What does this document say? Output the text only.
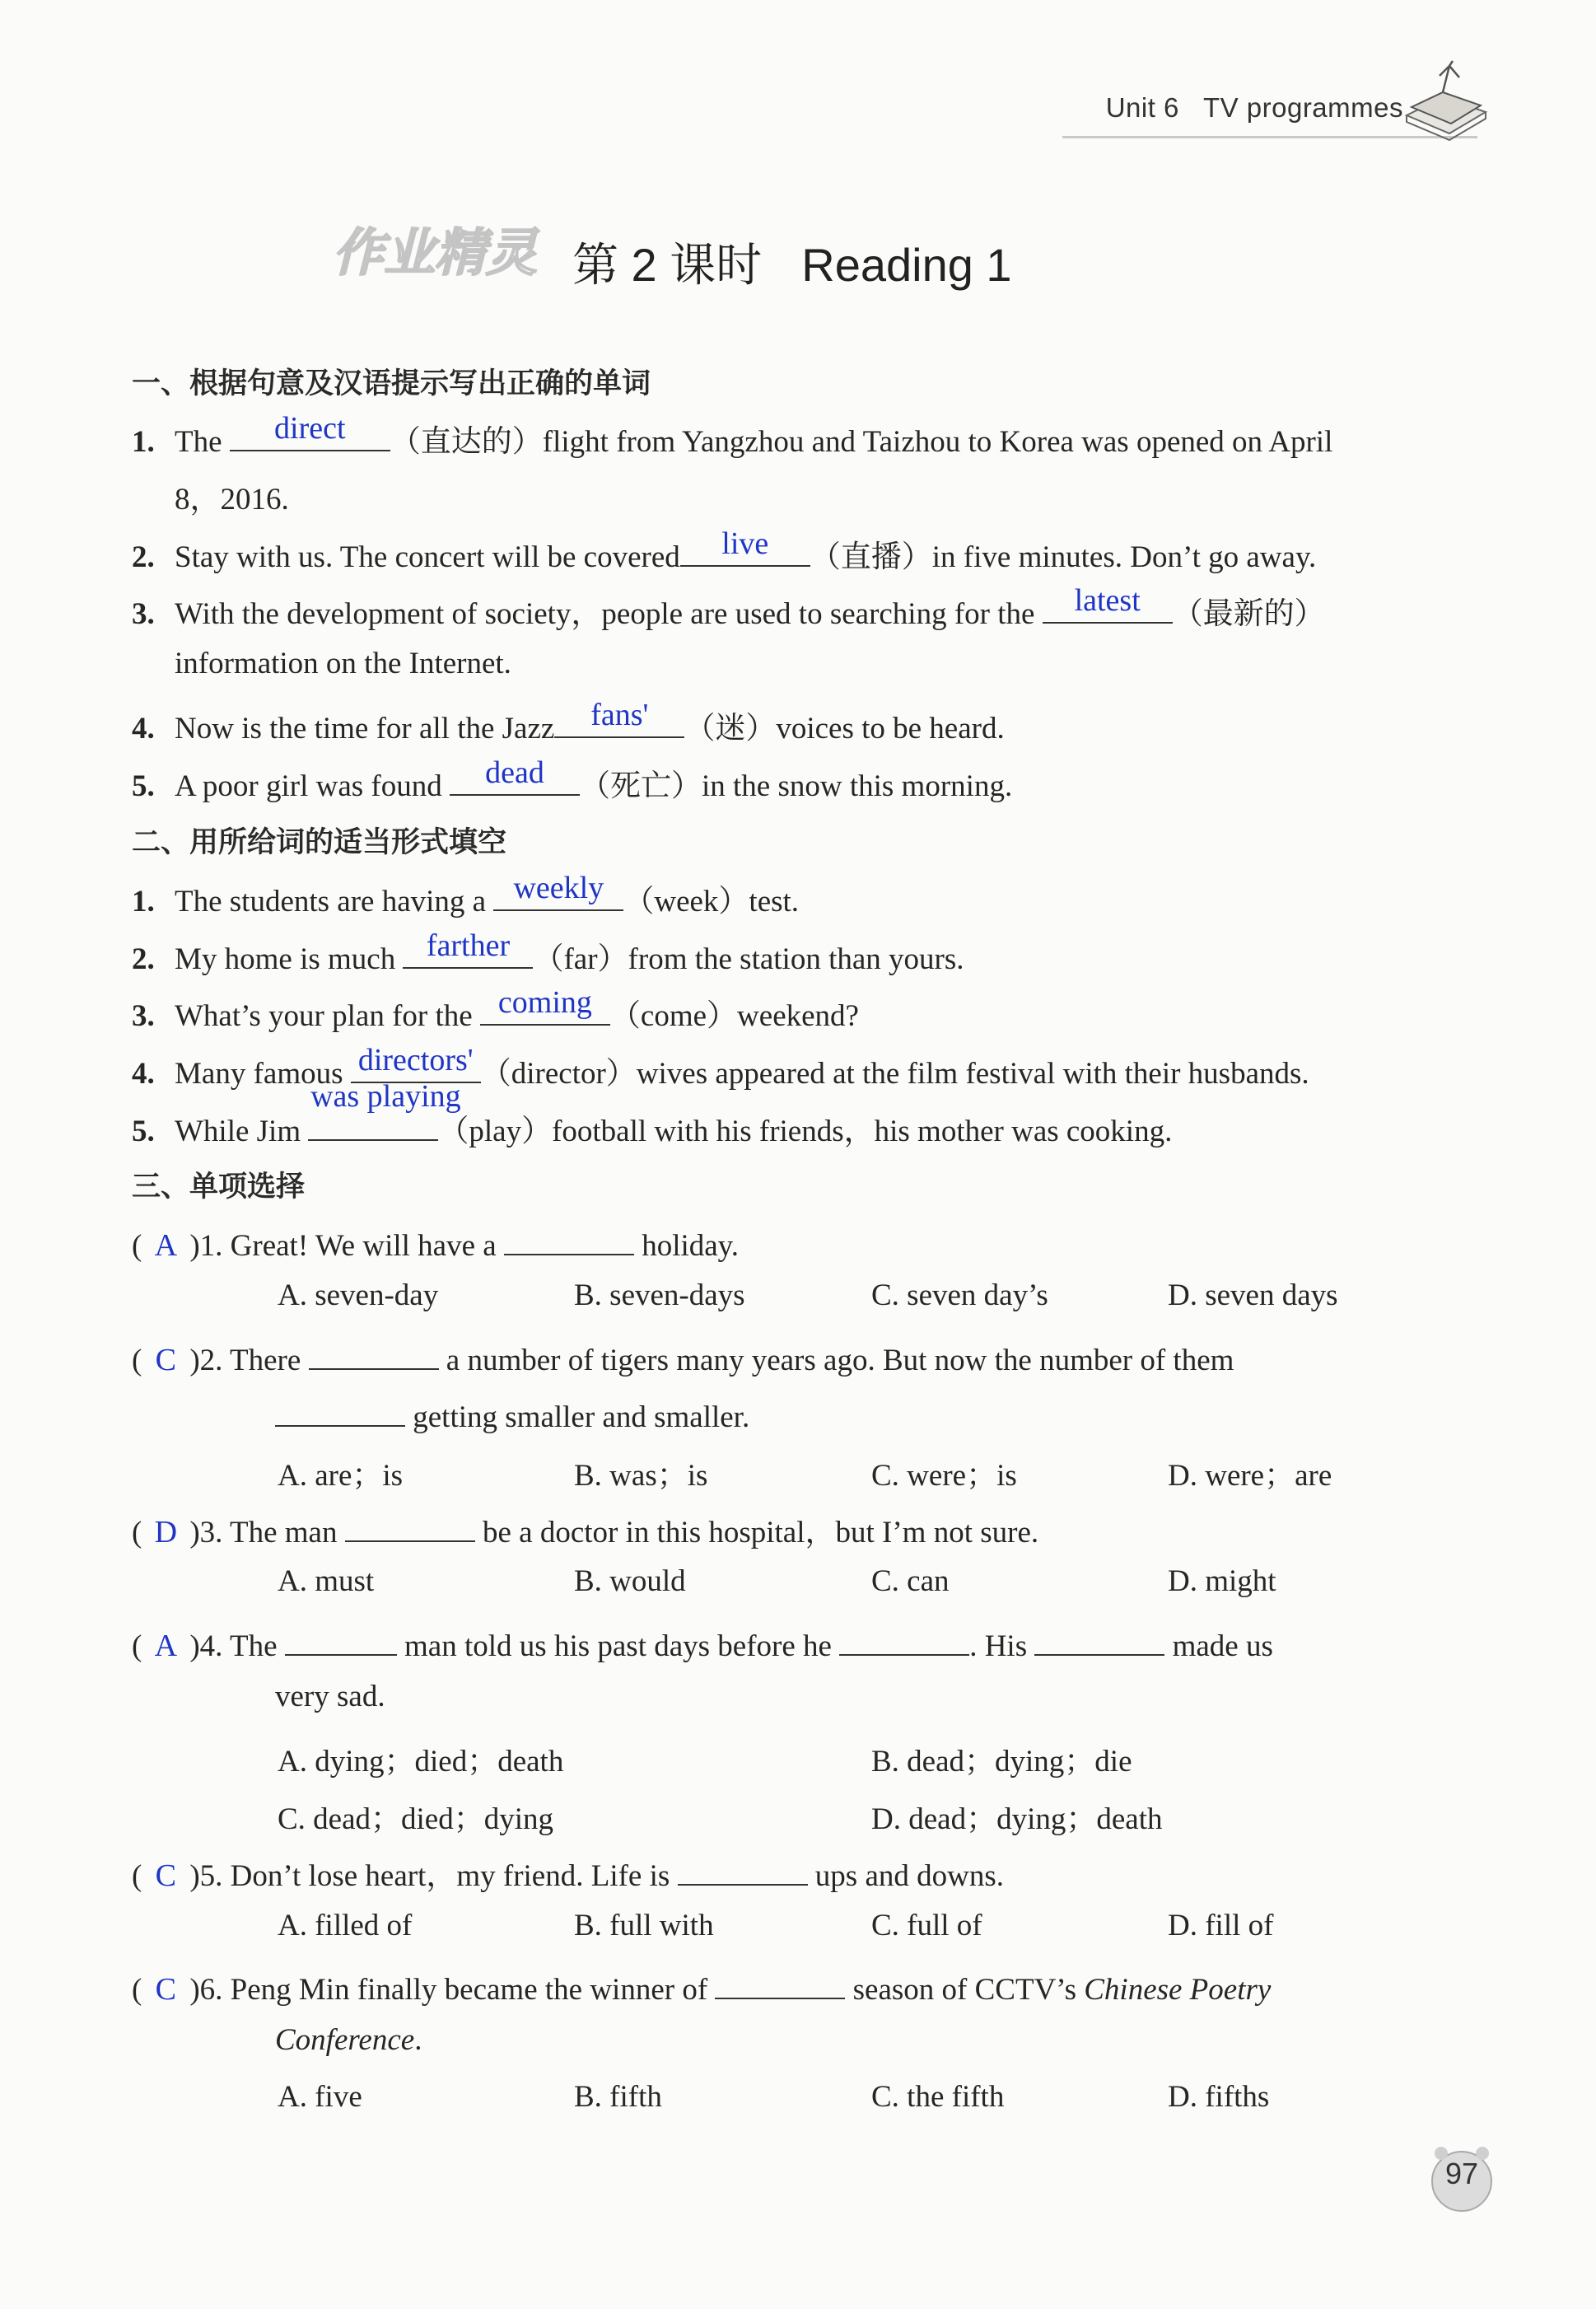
Unit 6 TV programmes
作业精灵 第 2 课时 Reading 1
一、根据句意及汉语提示写出正确的单词
1. The	direct	（直达的）flight from Yangzhou and Taizhou to Korea was opened on April
8，2016.
2. Stay with us. The concert will be covered	live	（直播）in five minutes. Don’t go away.
3. With the development of society，people are used to searching for the	latest	（最新的）
information on the Internet.
4. Now is the time for all the Jazz	fans'	（迷）voices to be heard.
5. A poor girl was found	dead	（死亡）in the snow this morning.
二、用所给词的适当形式填空
1. The students are having a weekly （week）test.
2. My home is much farther （far）from the station than yours.
3. What’s your plan for the coming （come）weekend?
4. Many famous directors' （director）wives appeared at the film festival with their husbands.
5. While Jim
was playing
（play）football with his friends，his mother was cooking.
三、单项选择
( A )1. Great! We will have a	holiday.
A. seven-day	B. seven-days	C. seven day’s	D. seven days
( C )2. There	a number of tigers many years ago. But now the number of them
getting smaller and smaller.
A. are；is	B. was；is	C. were；is	D. were；are
( D )3. The man	be a doctor in this hospital，but I’m not sure.
A. must	B. would	C. can	D. might
( A )4. The	man told us his past days before he	. His	made us
very sad.
A. dying；died；death	B. dead；dying；die
C. dead；died；dying	D. dead；dying；death
( C )5. Don’t lose heart，my friend. Life is	ups and downs.
A. filled of	B. full with	C. full of	D. fill of
( C )6. Peng Min finally became the winner of	season of CCTV’s Chinese Poetry
Conference.
A. five	B. fifth	C. the fifth	D. fifths
97
